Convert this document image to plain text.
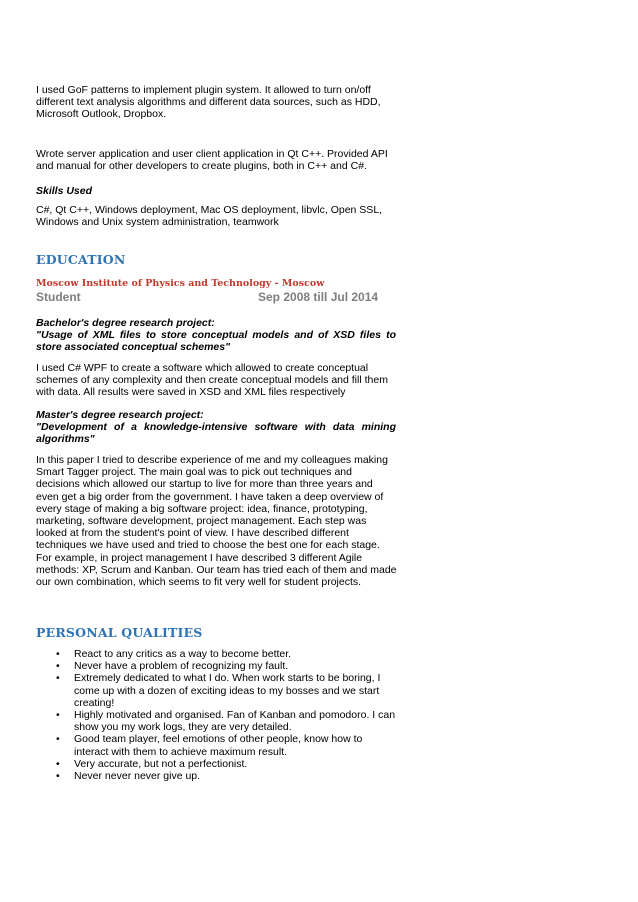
I used GoF patterns to implement plugin system. It allowed to turn on/off different text analysis algorithms and different data sources, such as HDD, Microsoft Outlook, Dropbox.

Wrote server application and user client application in Qt C++. Provided API and manual for other developers to create plugins, both in C++ and C#.

Skills Used

C#, Qt C++, Windows deployment, Mac OS deployment, libvlc, Open SSL, Windows and Unix system administration, teamwork

EDUCATION

Moscow Institute of Physics and Technology - Moscow

Student	Sep 2008 till Jul 2014

Bachelor's degree research project:

"Usage of XML files to store conceptual models and of XSD files to store associated conceptual schemes"

I used C# WPF to create a software which allowed to create conceptual schemes of any complexity and then create conceptual models and fill them with data. All results were saved in XSD and XML files respectively

Master's degree research project:

"Development of a knowledge-intensive software with data mining algorithms"

In this paper I tried to describe experience of me and my colleagues making Smart Tagger project. The main goal was to pick out techniques and decisions which allowed our startup to live for more than three years and even get a big order from the government. I have taken a deep overview of every stage of making a big software project: idea, finance, prototyping, marketing, software development, project management. Each step was looked at from the student's point of view. I have described different techniques we have used and tried to choose the best one for each stage. For example, in project management I have described 3 different Agile methods: XP, Scrum and Kanban. Our team has tried each of them and made our own combination, which seems to fit very well for student projects.

PERSONAL QUALITIES
• React to any critics as a way to become better.
• Never have a problem of recognizing my fault.
• Extremely dedicated to what I do. When work starts to be boring, I come up with a dozen of exciting ideas to my bosses and we start creating!
• Highly motivated and organised. Fan of Kanban and pomodoro. I can show you my work logs, they are very detailed.
• Good team player, feel emotions of other people, know how to interact with them to achieve maximum result.
• Very accurate, but not a perfectionist.
• Never never never give up.
